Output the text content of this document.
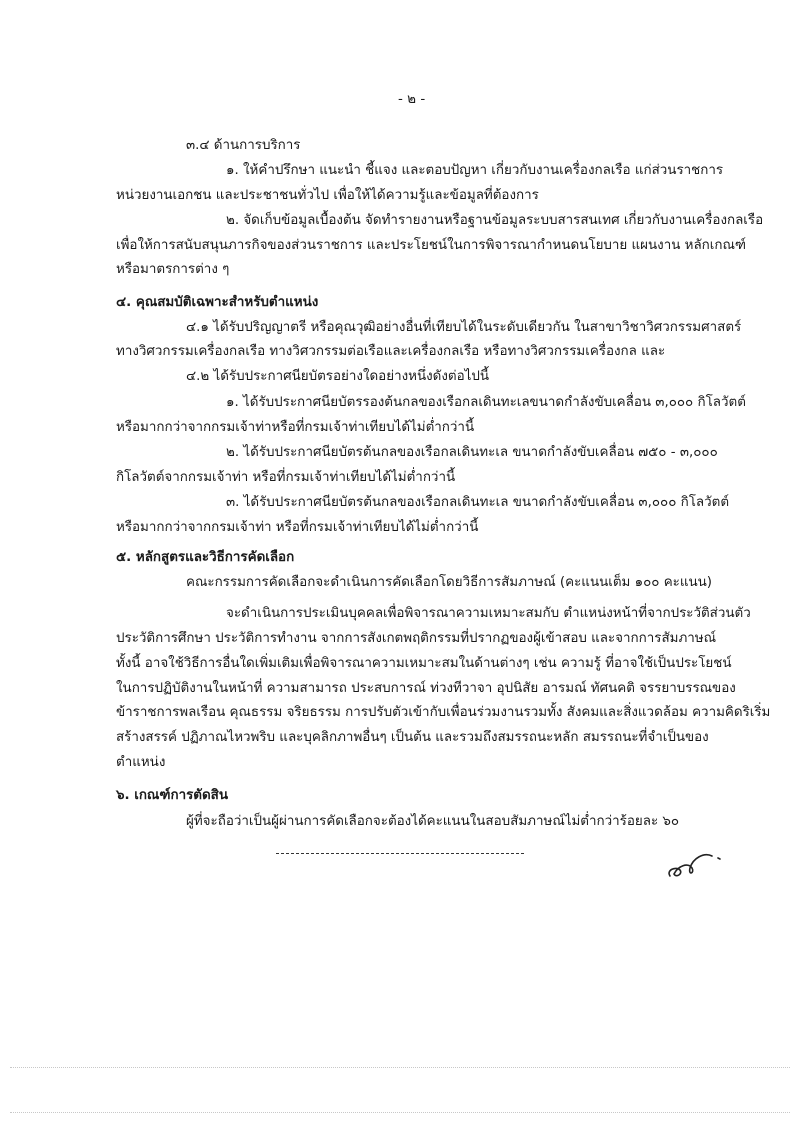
- ๒ -
๓.๔ ด้านการบริการ
๑. ให้คำปรึกษา แนะนำ ชี้แจง และตอบปัญหา เกี่ยวกับงานเครื่องกลเรือ แก่ส่วนราชการ
หน่วยงานเอกชน และประชาชนทั่วไป เพื่อให้ได้ความรู้และข้อมูลที่ต้องการ
๒. จัดเก็บข้อมูลเบื้องต้น จัดทำรายงานหรือฐานข้อมูลระบบสารสนเทศ เกี่ยวกับงานเครื่องกลเรือ
เพื่อให้การสนับสนุนภารกิจของส่วนราชการ และประโยชน์ในการพิจารณากำหนดนโยบาย แผนงาน หลักเกณฑ์
หรือมาตรการต่าง ๆ
๔. คุณสมบัติเฉพาะสำหรับตำแหน่ง
๔.๑ ได้รับปริญญาตรี หรือคุณวุฒิอย่างอื่นที่เทียบได้ในระดับเดียวกัน ในสาขาวิชาวิศวกรรมศาสตร์
ทางวิศวกรรมเครื่องกลเรือ ทางวิศวกรรมต่อเรือและเครื่องกลเรือ หรือทางวิศวกรรมเครื่องกล และ
๔.๒ ได้รับประกาศนียบัตรอย่างใดอย่างหนึ่งดังต่อไปนี้
๑. ได้รับประกาศนียบัตรรองต้นกลของเรือกลเดินทะเลขนาดกำลังขับเคลื่อน ๓,๐๐๐ กิโลวัตต์
หรือมากกว่าจากกรมเจ้าท่าหรือที่กรมเจ้าท่าเทียบได้ไม่ต่ำกว่านี้
๒. ได้รับประกาศนียบัตรต้นกลของเรือกลเดินทะเล ขนาดกำลังขับเคลื่อน ๗๕๐ - ๓,๐๐๐
กิโลวัตต์จากกรมเจ้าท่า หรือที่กรมเจ้าท่าเทียบได้ไม่ต่ำกว่านี้
๓. ได้รับประกาศนียบัตรต้นกลของเรือกลเดินทะเล ขนาดกำลังขับเคลื่อน ๓,๐๐๐ กิโลวัตต์
หรือมากกว่าจากกรมเจ้าท่า หรือที่กรมเจ้าท่าเทียบได้ไม่ต่ำกว่านี้
๕. หลักสูตรและวิธีการคัดเลือก
คณะกรรมการคัดเลือกจะดำเนินการคัดเลือกโดยวิธีการสัมภาษณ์ (คะแนนเต็ม ๑๐๐ คะแนน)
จะดำเนินการประเมินบุคคลเพื่อพิจารณาความเหมาะสมกับ ตำแหน่งหน้าที่จากประวัติส่วนตัว
ประวัติการศึกษา ประวัติการทำงาน จากการสังเกตพฤติกรรมที่ปรากฏของผู้เข้าสอบ และจากการสัมภาษณ์
ทั้งนี้ อาจใช้วิธีการอื่นใดเพิ่มเติมเพื่อพิจารณาความเหมาะสมในด้านต่างๆ เช่น ความรู้ ที่อาจใช้เป็นประโยชน์
ในการปฏิบัติงานในหน้าที่ ความสามารถ ประสบการณ์ ท่วงทีวาจา อุปนิสัย อารมณ์ ทัศนคติ จรรยาบรรณของ
ข้าราชการพลเรือน คุณธรรม จริยธรรม การปรับตัวเข้ากับเพื่อนร่วมงานรวมทั้ง สังคมและสิ่งแวดล้อม ความคิดริเริ่ม
สร้างสรรค์ ปฏิภาณไหวพริบ และบุคลิกภาพอื่นๆ เป็นต้น และรวมถึงสมรรถนะหลัก สมรรถนะที่จำเป็นของ
ตำแหน่ง
๖. เกณฑ์การตัดสิน
ผู้ที่จะถือว่าเป็นผู้ผ่านการคัดเลือกจะต้องได้คะแนนในสอบสัมภาษณ์ไม่ต่ำกว่าร้อยละ ๖๐
